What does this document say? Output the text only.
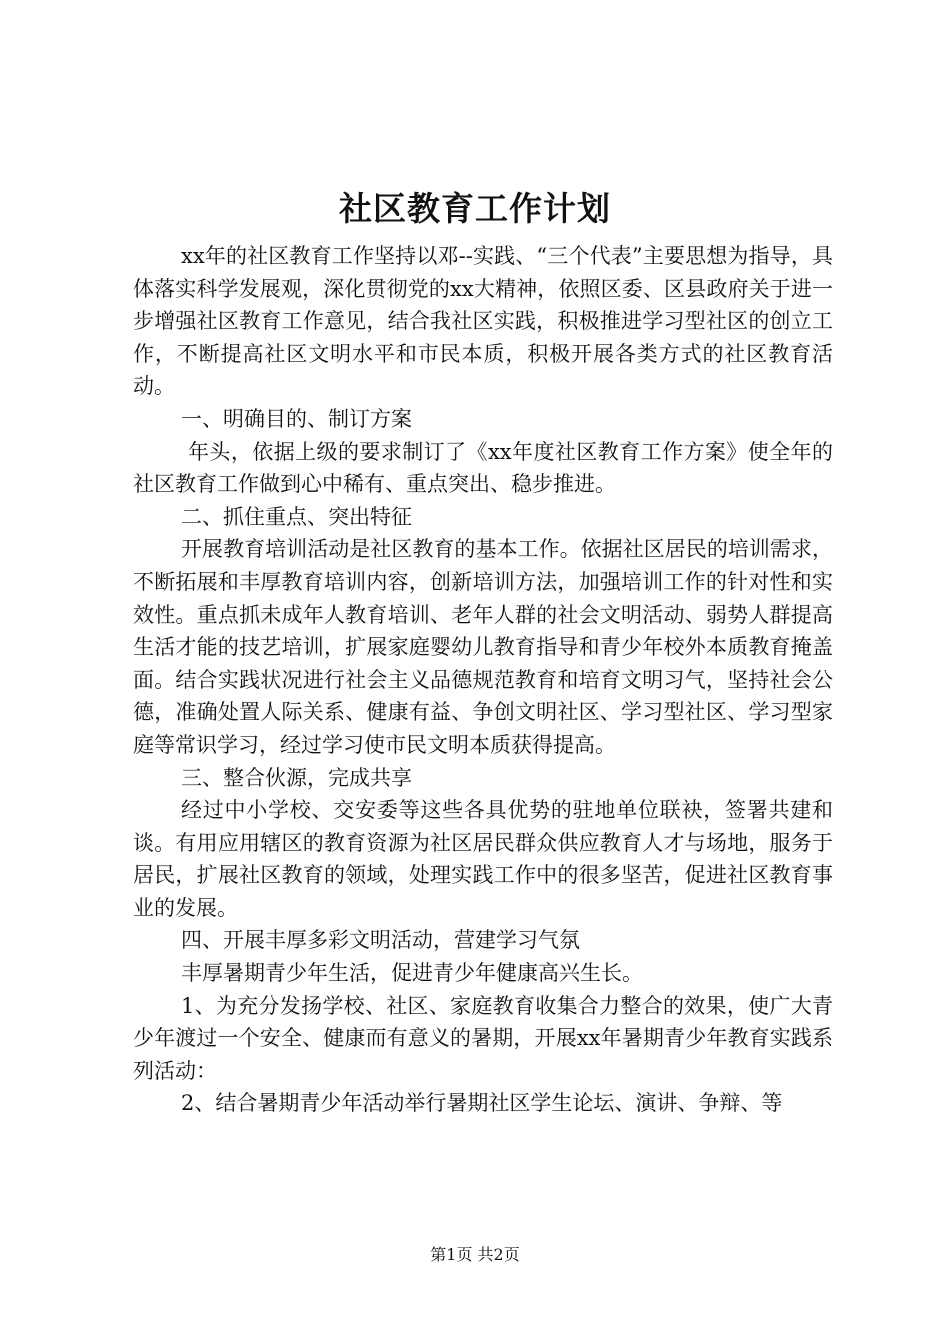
社区教育工作计划

xx年的社区教育工作坚持以邓--实践、“三个代表”主要思想为指导，具体落实科学发展观，深化贯彻党的xx大精神，依照区委、区县政府关于进一步增强社区教育工作意见，结合我社区实践，积极推进学习型社区的创立工作，不断提高社区文明水平和市民本质，积极开展各类方式的社区教育活动。

一、明确目的、制订方案

年头，依据上级的要求制订了《xx年度社区教育工作方案》使全年的社区教育工作做到心中稀有、重点突出、稳步推进。

二、抓住重点、突出特征

开展教育培训活动是社区教育的基本工作。依据社区居民的培训需求，不断拓展和丰厚教育培训内容，创新培训方法，加强培训工作的针对性和实效性。重点抓未成年人教育培训、老年人群的社会文明活动、弱势人群提高生活才能的技艺培训，扩展家庭婴幼儿教育指导和青少年校外本质教育掩盖面。结合实践状况进行社会主义品德规范教育和培育文明习气，坚持社会公德，准确处置人际关系、健康有益、争创文明社区、学习型社区、学习型家庭等常识学习，经过学习使市民文明本质获得提高。

三、整合伙源，完成共享

经过中小学校、交安委等这些各具优势的驻地单位联袂，签署共建和谈。有用应用辖区的教育资源为社区居民群众供应教育人才与场地，服务于居民，扩展社区教育的领域，处理实践工作中的很多坚苦，促进社区教育事业的发展。

四、开展丰厚多彩文明活动，营建学习气氛

丰厚暑期青少年生活，促进青少年健康高兴生长。

1、为充分发扬学校、社区、家庭教育收集合力整合的效果，使广大青少年渡过一个安全、健康而有意义的暑期，开展xx年暑期青少年教育实践系列活动：

2、结合暑期青少年活动举行暑期社区学生论坛、演讲、争辩、等

第1页 共2页
